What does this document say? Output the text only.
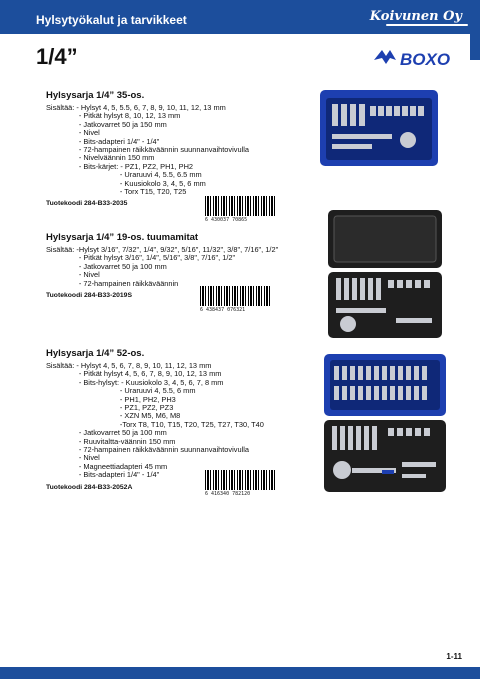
Hylsytyökalut ja tarvikkeet	Koivunen Oy
1/4”	BOXO
Hylsysarja 1/4” 35-os.
Sisältää: - Hylsyt 4, 5, 5.5, 6, 7, 8, 9, 10, 11, 12, 13 mm
- Pitkät hylsyt 8, 10, 12, 13 mm
- Jatkovarret 50 ja 150 mm
- Nivel
- Bits-adapteri 1/4" - 1/4"
- 72-hampainen räikkäväännin suunnanvaihtovivulla
- Nivelväännin 150 mm
- Bits-kärjet: - PZ1, PZ2, PH1, PH2
- Uraruuvi 4, 5.5, 6.5 mm
- Kuusiokolo 3, 4, 5, 6 mm
- Torx T15, T20, T25
Tuotekoodi 284-B33-2035
6 430037 70865
Hylsysarja 1/4” 19-os. tuumamitat
Sisältää: -Hylsyt 3/16", 7/32", 1/4", 9/32", 5/16", 11/32", 3/8", 7/16", 1/2"
- Pitkät hylsyt 3/16", 1/4", 5/16", 3/8", 7/16", 1/2"
- Jatkovarret 50 ja 100 mm
- Nivel
- 72-hampainen räikkäväännin
Tuotekoodi 284-B33-2019S
6 438437 076321
Hylsysarja 1/4” 52-os.
Sisältää: - Hylsyt 4, 5, 6, 7, 8, 9, 10, 11, 12, 13 mm
- Pitkät hylsyt 4, 5, 6, 7, 8, 9, 10, 12, 13 mm
- Bits-hylsyt: - Kuusiokolo 3, 4, 5, 6, 7, 8 mm
- Uraruuvi 4, 5.5, 6 mm
- PH1, PH2, PH3
- PZ1, PZ2, PZ3
- XZN M5, M6, M8
-Torx T8, T10, T15, T20, T25, T27, T30, T40
- Jatkovarret 50 ja 100 mm
- Ruuvitaltta-väännin 150 mm
- 72-hampainen räikkäväännin suunnanvaihtovivulla
- Nivel
- Magneettiadapteri 45 mm
- Bits-adapteri 1/4" - 1/4"
Tuotekoodi 284-B33-2052A
6 416340 782120
1-11
